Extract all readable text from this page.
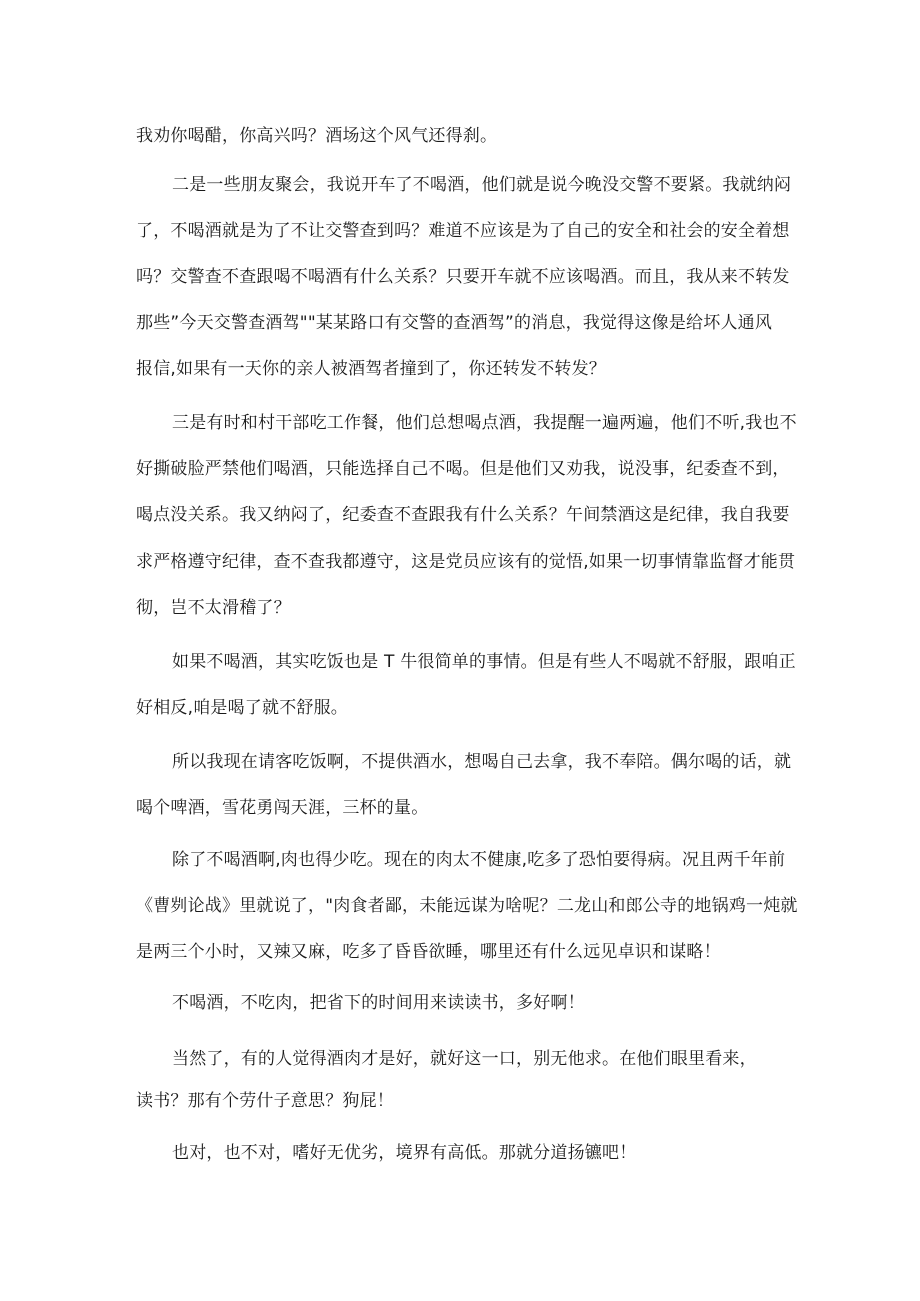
我劝你喝醋，你高兴吗？酒场这个风气还得刹。
二是一些朋友聚会，我说开车了不喝酒，他们就是说今晚没交警不要紧。我就纳闷
了，不喝酒就是为了不让交警查到吗？难道不应该是为了自己的安全和社会的安全着想
吗？交警查不查跟喝不喝酒有什么关系？只要开车就不应该喝酒。而且，我从来不转发
那些”今天交警查酒驾""某某路口有交警的查酒驾”的消息，我觉得这像是给坏人通风
报信,如果有一天你的亲人被酒驾者撞到了，你还转发不转发？
三是有时和村干部吃工作餐，他们总想喝点酒，我提醒一遍两遍，他们不听,我也不
好撕破脸严禁他们喝酒，只能选择自己不喝。但是他们又劝我，说没事，纪委查不到，
喝点没关系。我又纳闷了，纪委查不查跟我有什么关系？午间禁酒这是纪律，我自我要
求严格遵守纪律，查不查我都遵守，这是党员应该有的觉悟,如果一切事情靠监督才能贯
彻，岂不太滑稽了？
如果不喝酒，其实吃饭也是 T 牛很简单的事情。但是有些人不喝就不舒服，跟咱正
好相反,咱是喝了就不舒服。
所以我现在请客吃饭啊，不提供酒水，想喝自己去拿，我不奉陪。偶尔喝的话，就
喝个啤酒，雪花勇闯天涯，三杯的量。
除了不喝酒啊,肉也得少吃。现在的肉太不健康,吃多了恐怕要得病。况且两千年前
《曹刿论战》里就说了，"肉食者鄙，未能远谋为啥呢？二龙山和郎公寺的地锅鸡一炖就
是两三个小时，又辣又麻，吃多了昏昏欲睡，哪里还有什么远见卓识和谋略！
不喝酒，不吃肉，把省下的时间用来读读书，多好啊！
当然了，有的人觉得酒肉才是好，就好这一口，别无他求。在他们眼里看来，
读书？那有个劳什子意思？狗屁！
也对，也不对，嗜好无优劣，境界有高低。那就分道扬镳吧！
